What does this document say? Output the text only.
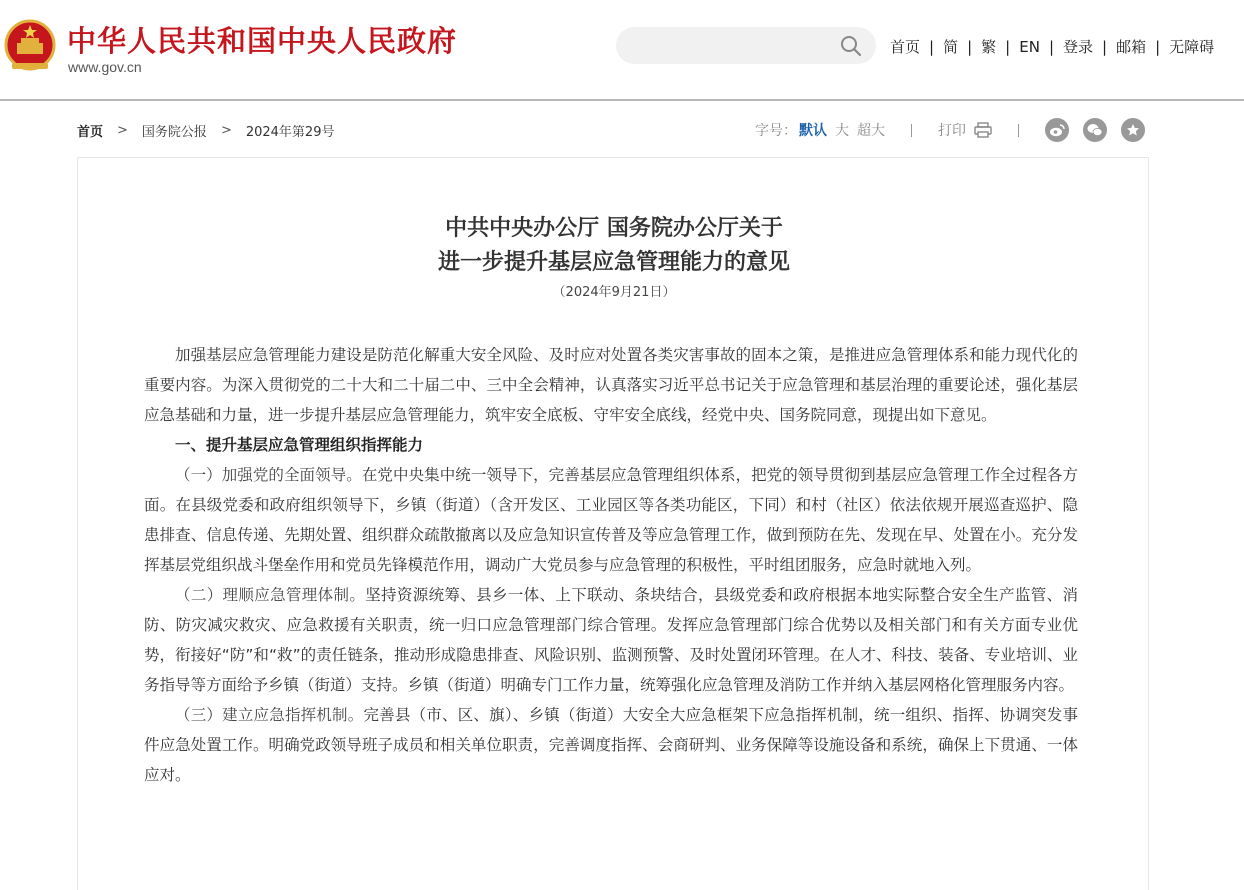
中华人民共和国中央人民政府
www.gov.cn
首页 | 简 | 繁 | EN | 登录 | 邮箱 | 无障碍
首页 > 国务院公报 > 2024年第29号	字号： 默认 大 超大	打印
中共中央办公厅 国务院办公厅关于
进一步提升基层应急管理能力的意见
（2024年9月21日）

加强基层应急管理能力建设是防范化解重大安全风险、及时应对处置各类灾害事故的固本之策，是推进应急管理体系和能力现代化的重要内容。为深入贯彻党的二十大和二十届二中、三中全会精神，认真落实习近平总书记关于应急管理和基层治理的重要论述，强化基层应急基础和力量，进一步提升基层应急管理能力，筑牢安全底板、守牢安全底线，经党中央、国务院同意，现提出如下意见。

一、提升基层应急管理组织指挥能力

（一）加强党的全面领导。在党中央集中统一领导下，完善基层应急管理组织体系，把党的领导贯彻到基层应急管理工作全过程各方面。在县级党委和政府组织领导下，乡镇（街道）（含开发区、工业园区等各类功能区，下同）和村（社区）依法依规开展巡查巡护、隐患排查、信息传递、先期处置、组织群众疏散撤离以及应急知识宣传普及等应急管理工作，做到预防在先、发现在早、处置在小。充分发挥基层党组织战斗堡垒作用和党员先锋模范作用，调动广大党员参与应急管理的积极性，平时组团服务，应急时就地入列。

（二）理顺应急管理体制。坚持资源统筹、县乡一体、上下联动、条块结合，县级党委和政府根据本地实际整合安全生产监管、消防、防灾减灾救灾、应急救援有关职责，统一归口应急管理部门综合管理。发挥应急管理部门综合优势以及相关部门和有关方面专业优势，衔接好“防”和“救”的责任链条，推动形成隐患排查、风险识别、监测预警、及时处置闭环管理。在人才、科技、装备、专业培训、业务指导等方面给予乡镇（街道）支持。乡镇（街道）明确专门工作力量，统筹强化应急管理及消防工作并纳入基层网格化管理服务内容。

（三）建立应急指挥机制。完善县（市、区、旗）、乡镇（街道）大安全大应急框架下应急指挥机制，统一组织、指挥、协调突发事件应急处置工作。明确党政领导班子成员和相关单位职责，完善调度指挥、会商研判、业务保障等设施设备和系统，确保上下贯通、一体应对。
